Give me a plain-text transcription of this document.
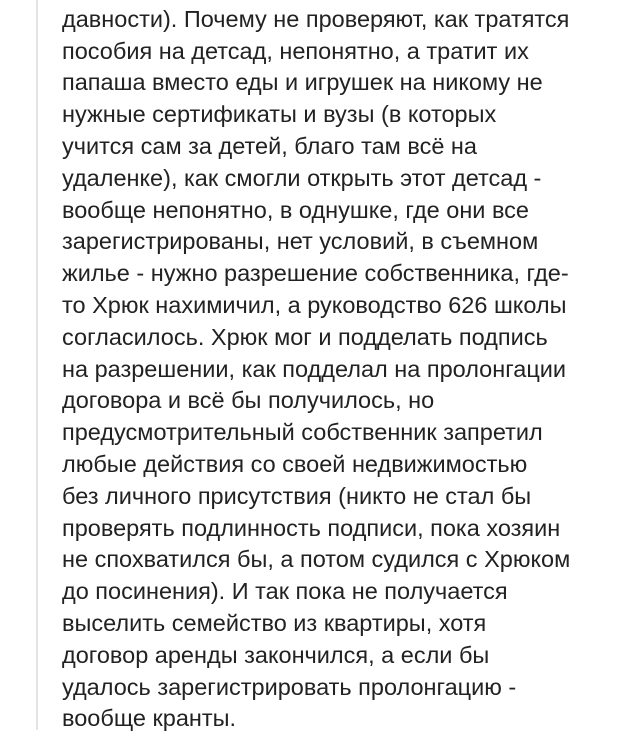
давности). Почему не проверяют, как тратятся
пособия на детсад, непонятно, а тратит их
папаша вместо еды и игрушек на никому не
нужные сертификаты и вузы (в которых
учится сам за детей, благо там всё на
удаленке), как смогли открыть этот детсад -
вообще непонятно, в однушке, где они все
зарегистрированы, нет условий, в съемном
жилье - нужно разрешение собственника, где-
то Хрюк нахимичил, а руководство 626 школы
согласилось. Хрюк мог и подделать подпись
на разрешении, как подделал на пролонгации
договора и всё бы получилось, но
предусмотрительный собственник запретил
любые действия со своей недвижимостью
без личного присутствия (никто не стал бы
проверять подлинность подписи, пока хозяин
не спохватился бы, а потом судился с Хрюком
до посинения). И так пока не получается
выселить семейство из квартиры, хотя
договор аренды закончился, а если бы
удалось зарегистрировать пролонгацию -
вообще кранты.
